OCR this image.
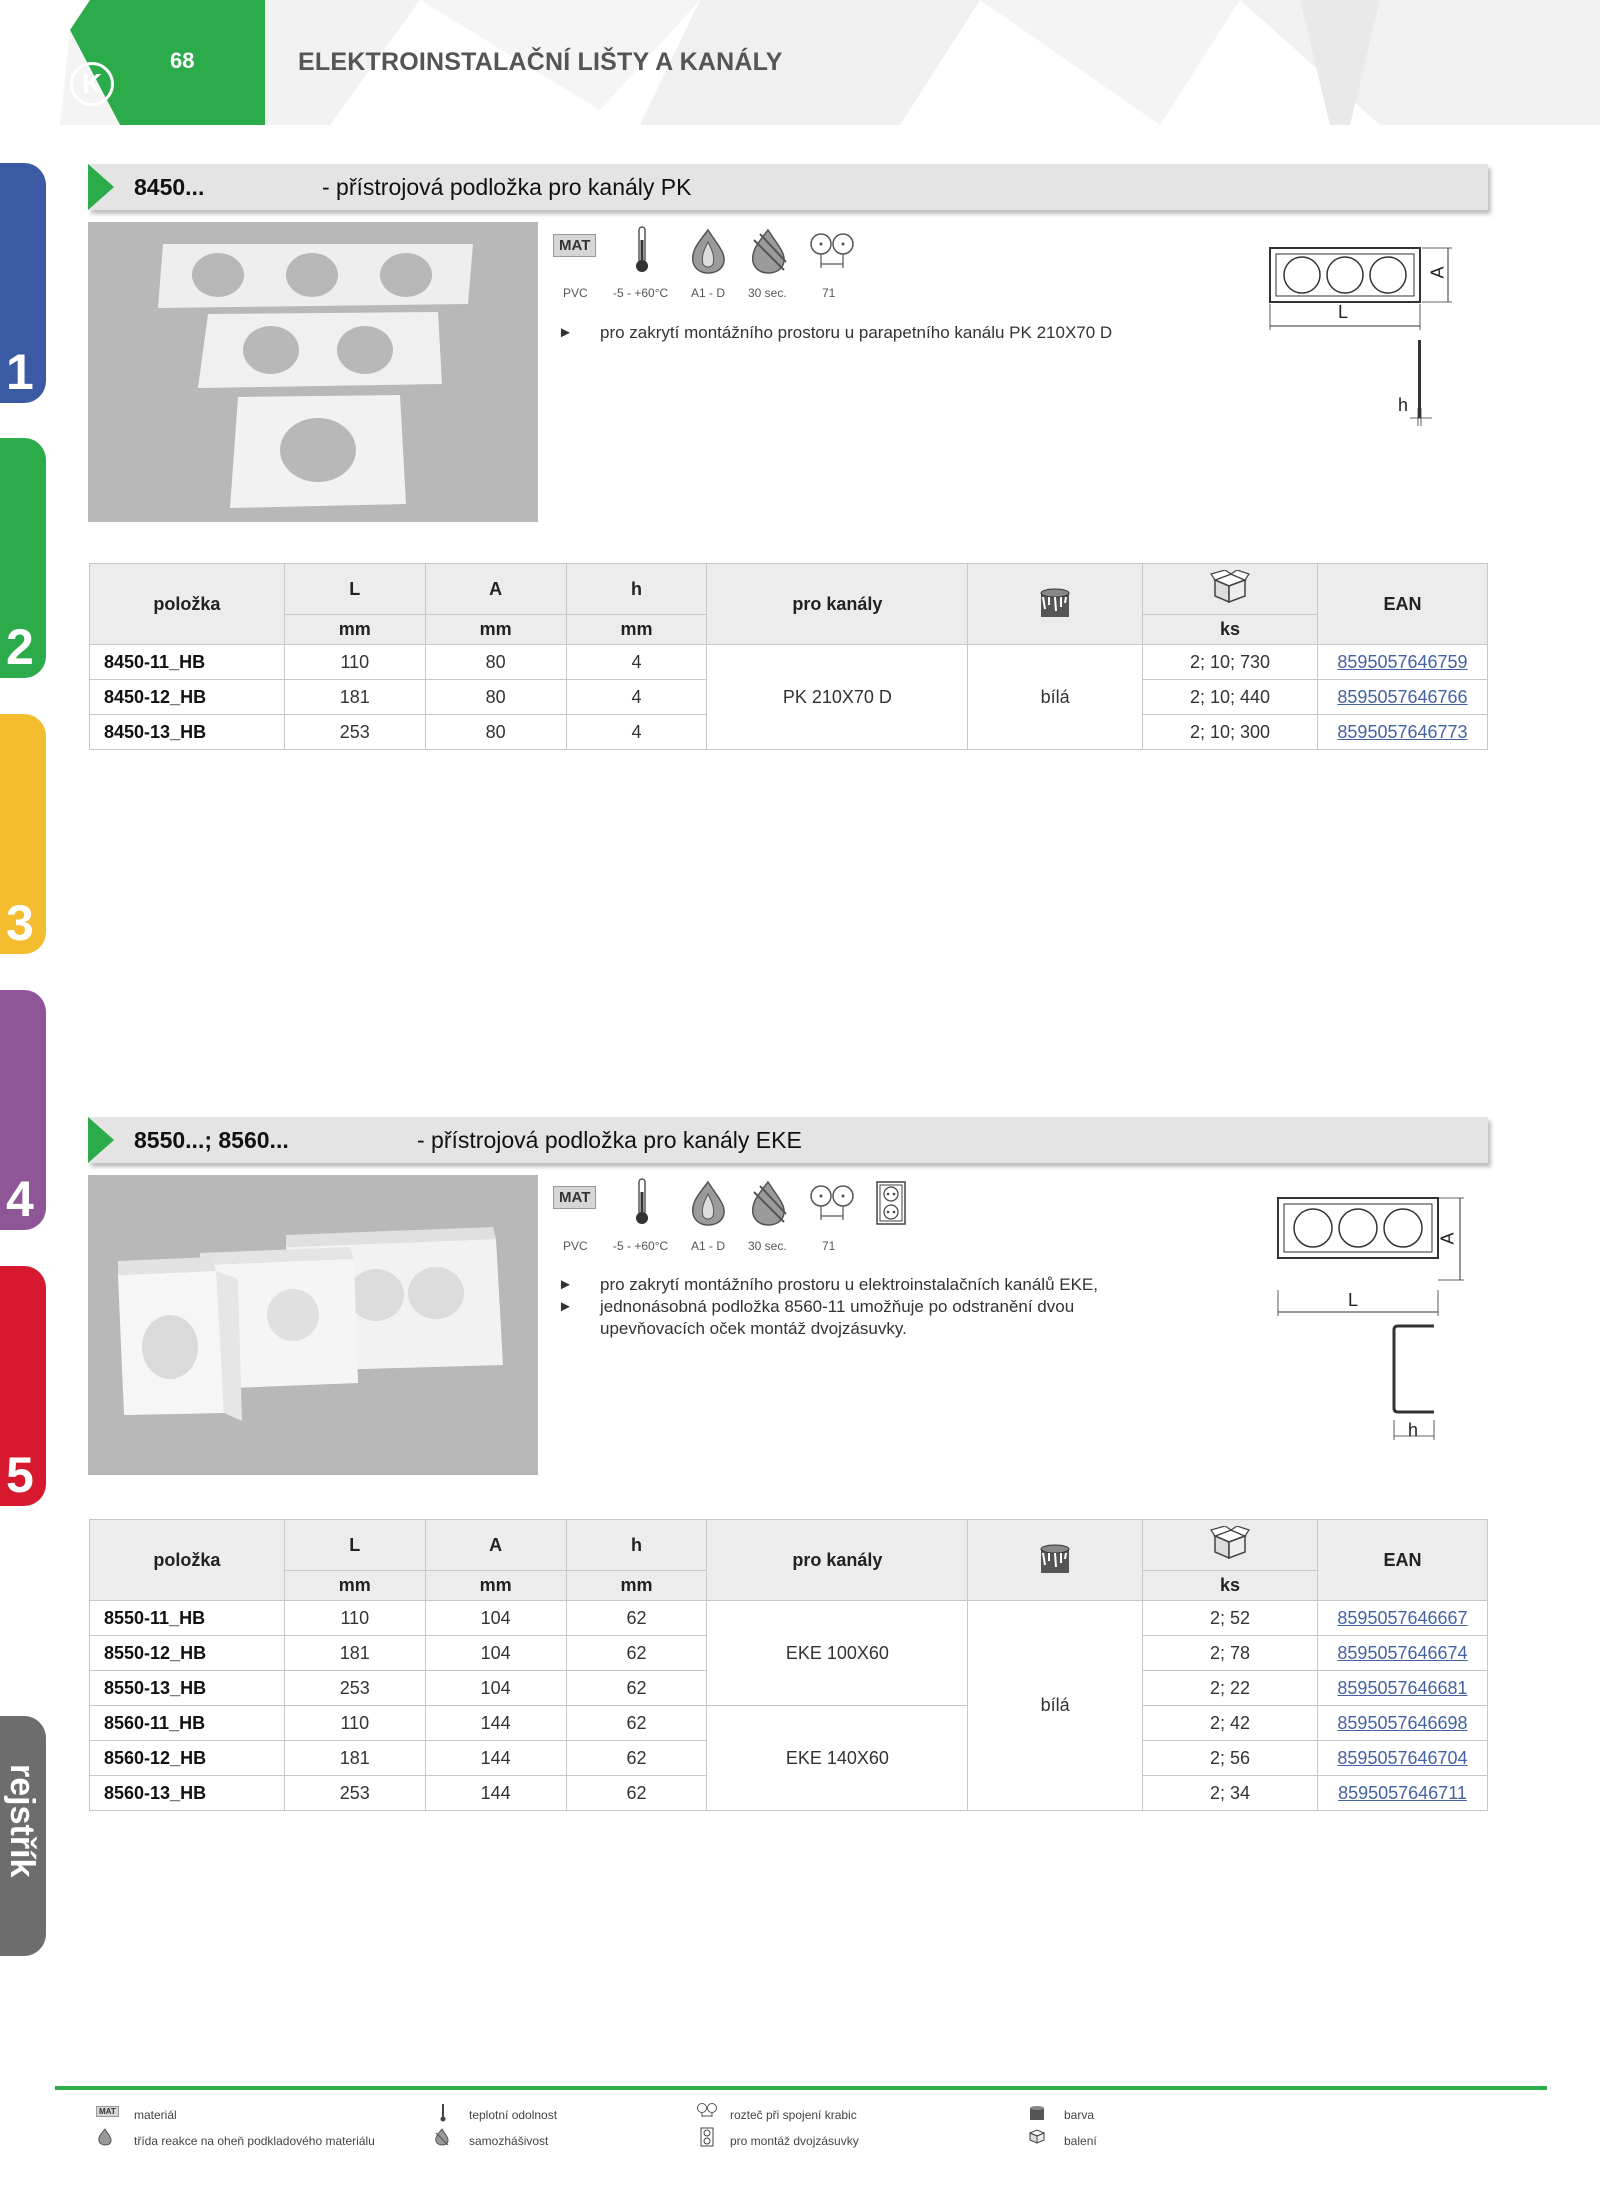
K
68	ELEKTROINSTALAČNÍ LIŠTY A KANÁLY
1
2
3
4
5
rejstřík
8450...	- přístrojová podložka pro kanály PK
MAT
PVC -5 - +60°C A1 - D 30 sec.	71
► pro zakrytí montážního prostoru u parapetního kanálu PK 210X70 D
L
A
h
položka	L	A	h	pro kanály			EAN
	mm	mm	mm			ks	
8450-11_HB	110	80	4	PK 210X70 D	bílá	2; 10; 730	8595057646759
8450-12_HB	181	80	4			2; 10; 440	8595057646766
8450-13_HB	253	80	4			2; 10; 300	8595057646773
8550...; 8560...	- přístrojová podložka pro kanály EKE
MAT
PVC -5 - +60°C A1 - D 30 sec.	71
► pro zakrytí montážního prostoru u elektroinstalačních kanálů EKE,
► jednonásobná podložka 8560-11 umožňuje po odstranění dvou upevňovacích oček montáž dvojzásuvky.
L
A
h
položka	L	A	h	pro kanály			EAN
	mm	mm	mm			ks	
8550-11_HB	110	104	62	EKE 100X60	bílá	2; 52	8595057646667
8550-12_HB	181	104	62			2; 78	8595057646674
8550-13_HB	253	104	62			2; 22	8595057646681
8560-11_HB	110	144	62	EKE 140X60		2; 42	8595057646698
8560-12_HB	181	144	62			2; 56	8595057646704
8560-13_HB	253	144	62			2; 34	8595057646711
MAT materiál
třída reakce na oheň podkladového materiálu
teplotní odolnost
samozhášivost
rozteč při spojení krabic
pro montáž dvojzásuvky
barva
balení
